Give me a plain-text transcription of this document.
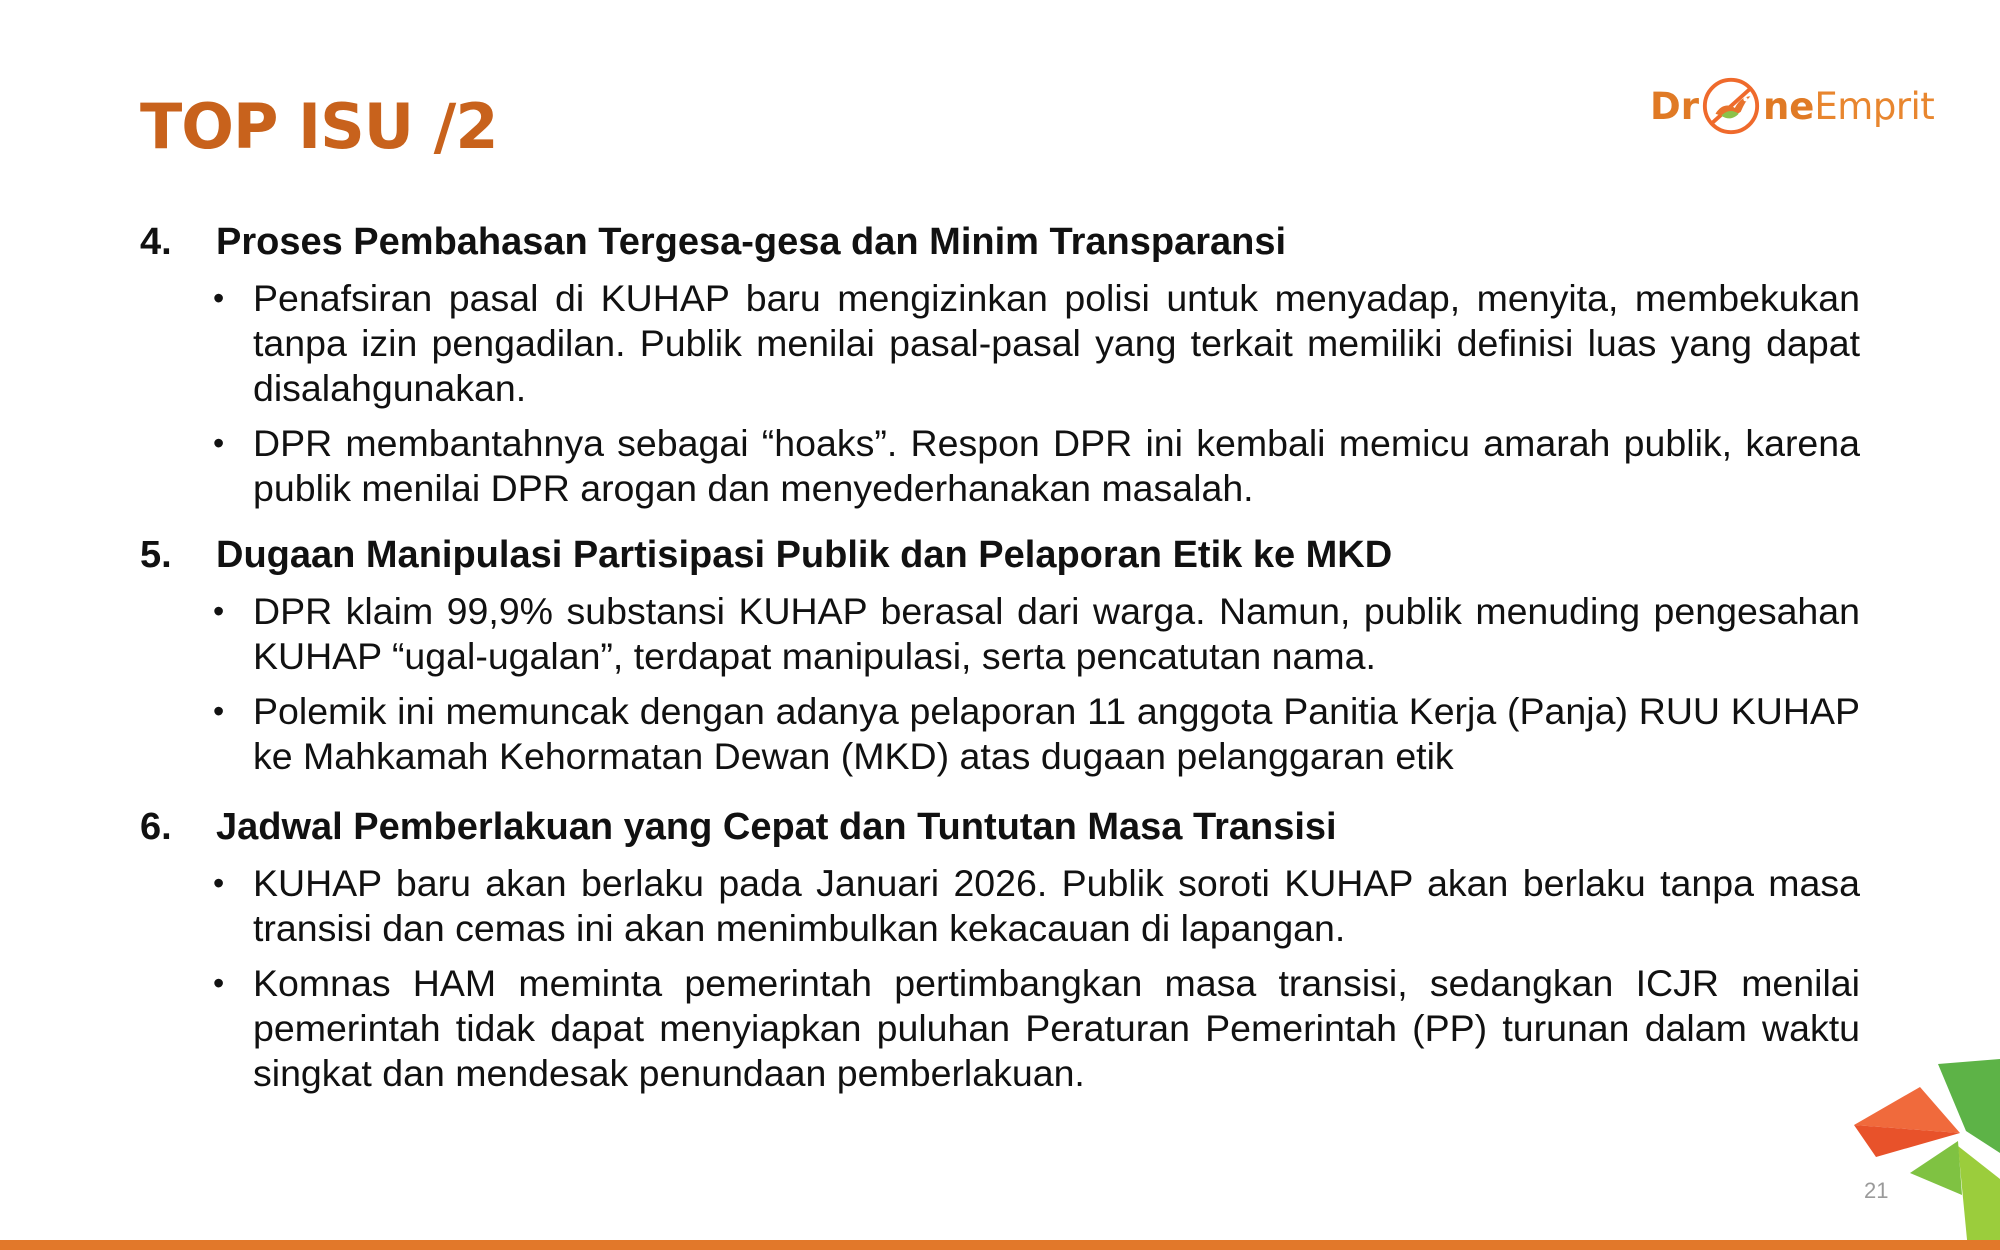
TOP ISU /2	Dr ne Emprit
4. Proses Pembahasan Tergesa-gesa dan Minim Transparansi
• Penafsiran pasal di KUHAP baru mengizinkan polisi untuk menyadap, menyita, membekukan tanpa izin pengadilan. Publik menilai pasal-pasal yang terkait memiliki definisi luas yang dapat disalahgunakan.
• DPR membantahnya sebagai “hoaks”. Respon DPR ini kembali memicu amarah publik, karena publik menilai DPR arogan dan menyederhanakan masalah.
5. Dugaan Manipulasi Partisipasi Publik dan Pelaporan Etik ke MKD
• DPR klaim 99,9% substansi KUHAP berasal dari warga. Namun, publik menuding pengesahan KUHAP “ugal-ugalan”, terdapat manipulasi, serta pencatutan nama.
• Polemik ini memuncak dengan adanya pelaporan 11 anggota Panitia Kerja (Panja) RUU KUHAP ke Mahkamah Kehormatan Dewan (MKD) atas dugaan pelanggaran etik
6. Jadwal Pemberlakuan yang Cepat dan Tuntutan Masa Transisi
• KUHAP baru akan berlaku pada Januari 2026. Publik soroti KUHAP akan berlaku tanpa masa transisi dan cemas ini akan menimbulkan kekacauan di lapangan.
• Komnas HAM meminta pemerintah pertimbangkan masa transisi, sedangkan ICJR menilai pemerintah tidak dapat menyiapkan puluhan Peraturan Pemerintah (PP) turunan dalam waktu singkat dan mendesak penundaan pemberlakuan.
21
